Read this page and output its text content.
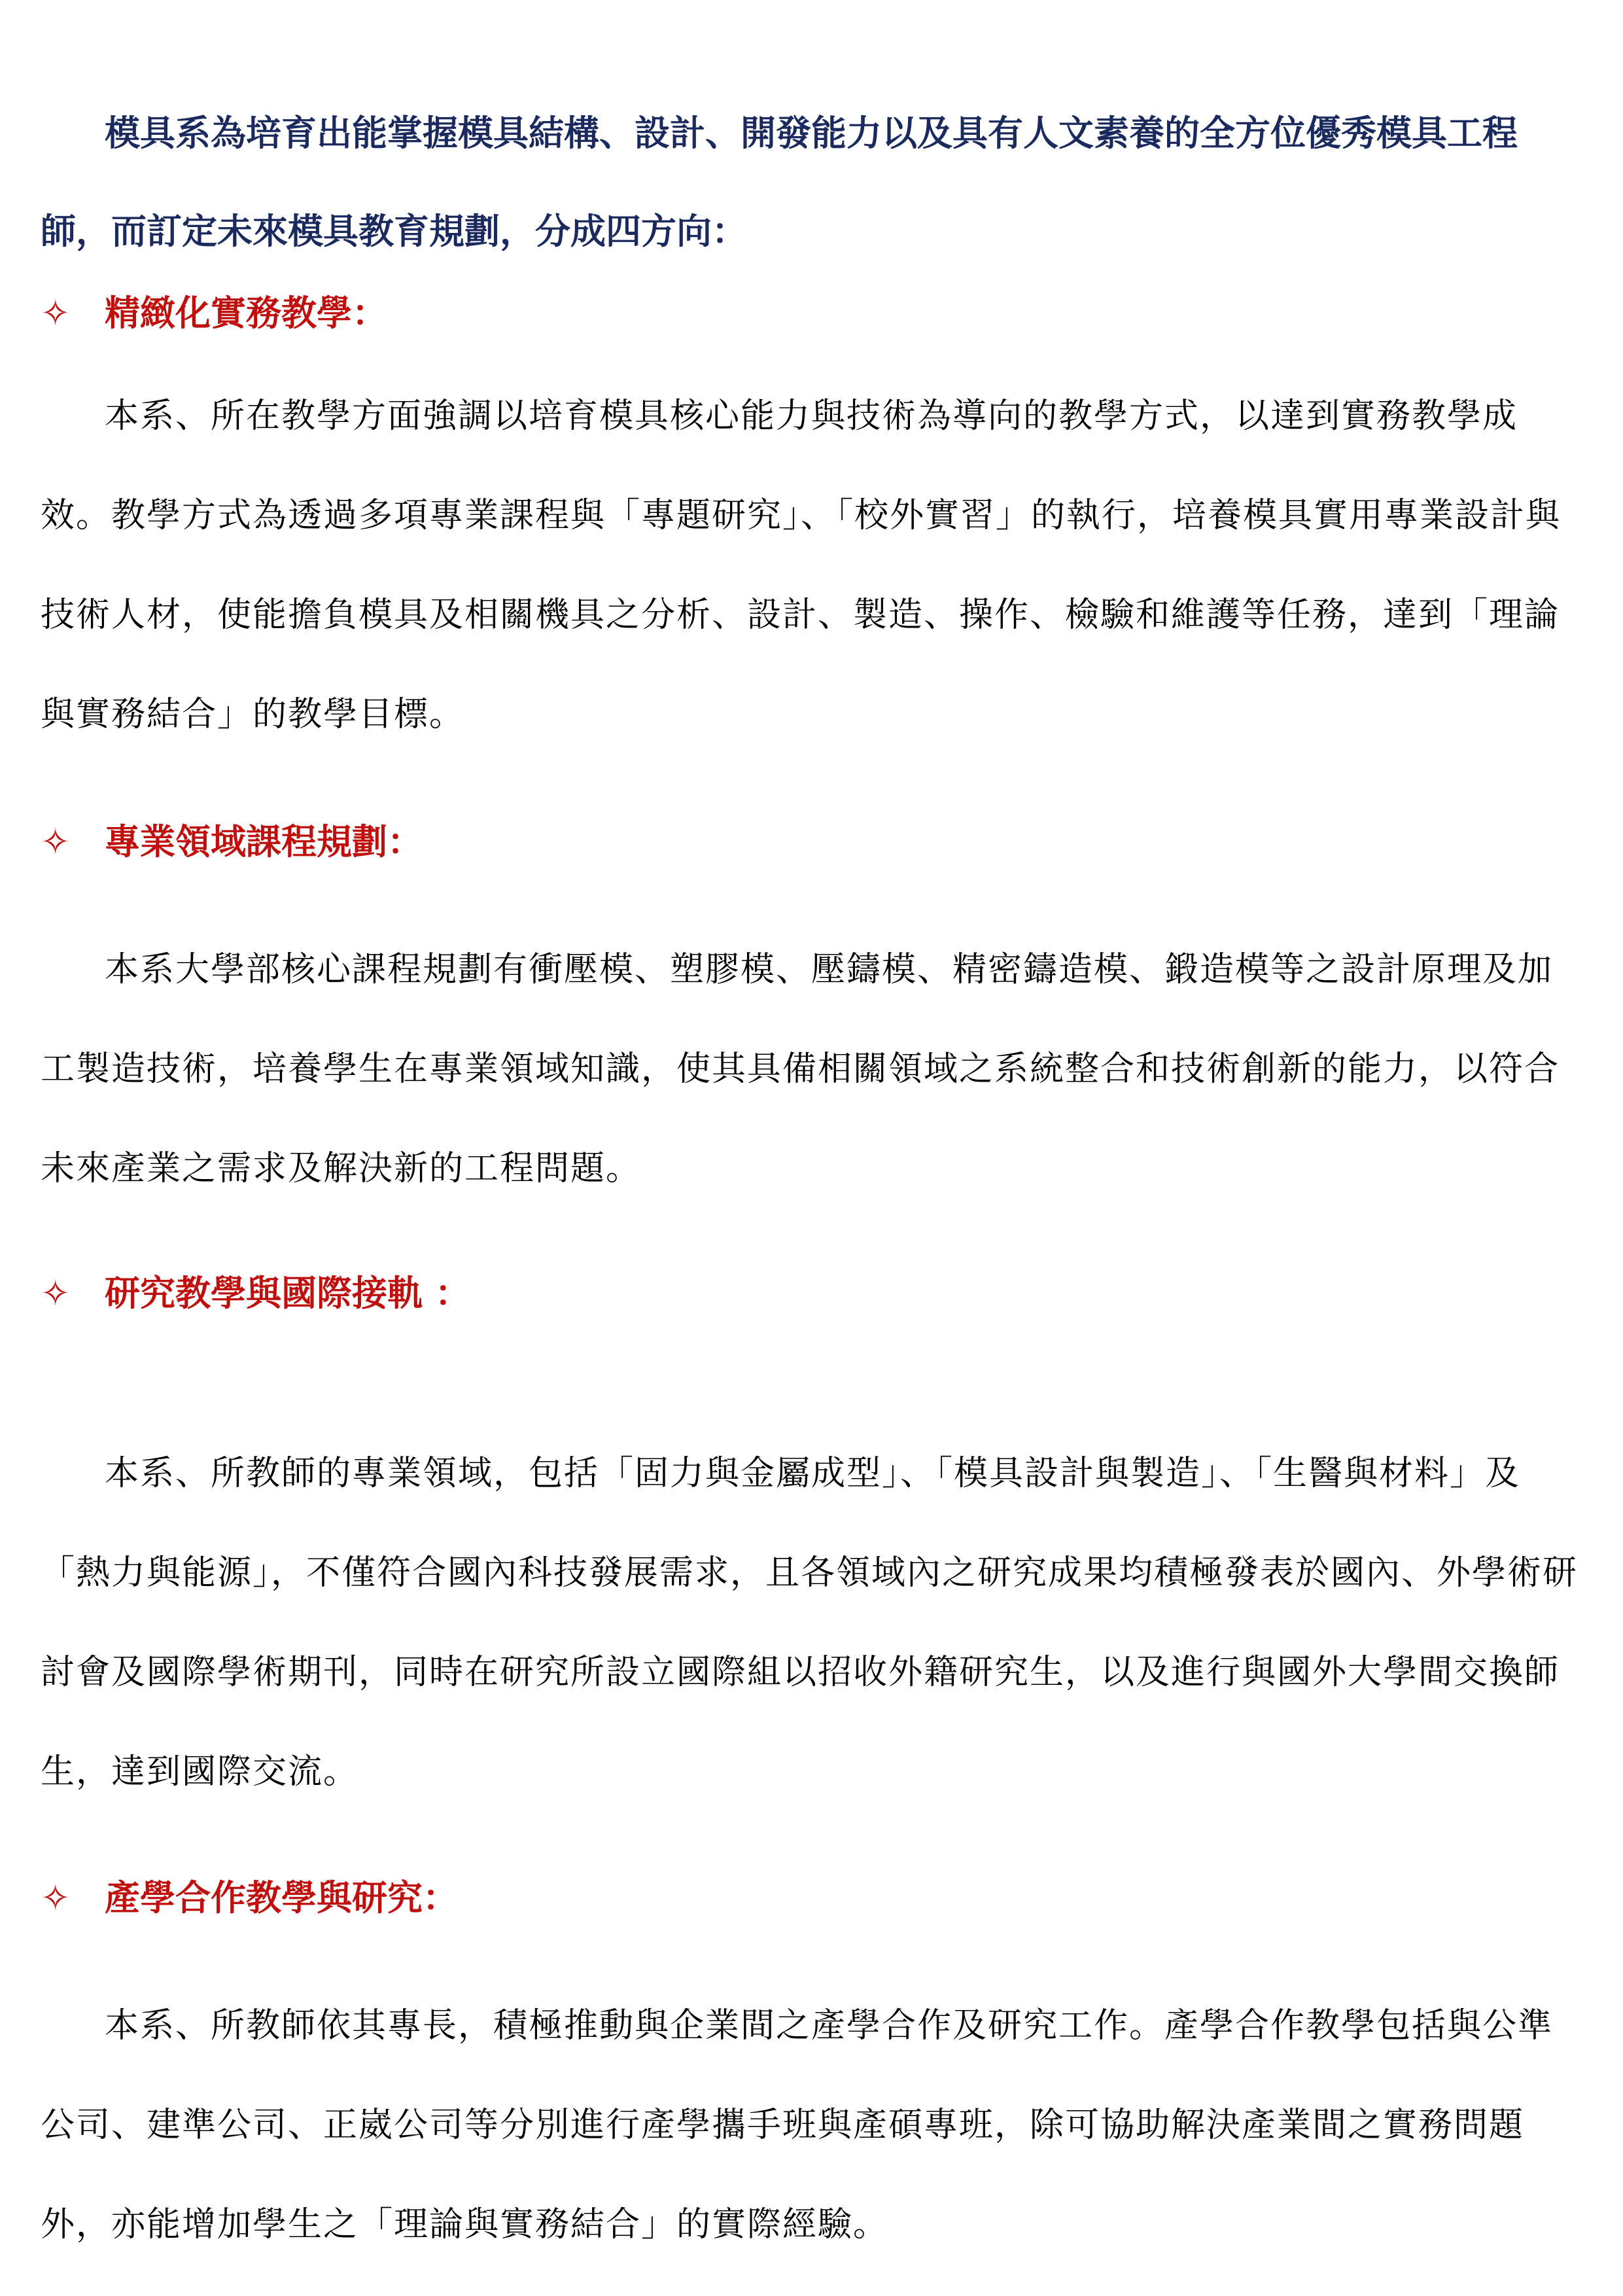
模具系為培育出能掌握模具結構、設計、開發能力以及具有人文素養的全方位優秀模具工程師，而訂定未來模具教育規劃，分成四方向：

✧ 精緻化實務教學：

本系、所在教學方面強調以培育模具核心能力與技術為導向的教學方式，以達到實務教學成效。教學方式為透過多項專業課程與「專題研究」、「校外實習」的執行，培養模具實用專業設計與技術人材，使能擔負模具及相關機具之分析、設計、製造、操作、檢驗和維護等任務，達到「理論與實務結合」的教學目標。

✧ 專業領域課程規劃：

本系大學部核心課程規劃有衝壓模、塑膠模、壓鑄模、精密鑄造模、鍛造模等之設計原理及加工製造技術，培養學生在專業領域知識，使其具備相關領域之系統整合和技術創新的能力，以符合未來產業之需求及解決新的工程問題。

✧ 研究教學與國際接軌 ：

本系、所教師的專業領域，包括「固力與金屬成型」、「模具設計與製造」、「生醫與材料」及「熱力與能源」，不僅符合國內科技發展需求，且各領域內之研究成果均積極發表於國內、外學術研討會及國際學術期刊，同時在研究所設立國際組以招收外籍研究生，以及進行與國外大學間交換師生，達到國際交流。

✧ 產學合作教學與研究：

本系、所教師依其專長，積極推動與企業間之產學合作及研究工作。產學合作教學包括與公準公司、建準公司、正崴公司等分別進行產學攜手班與產碩專班，除可協助解決產業間之實務問題外，亦能增加學生之「理論與實務結合」的實際經驗。
